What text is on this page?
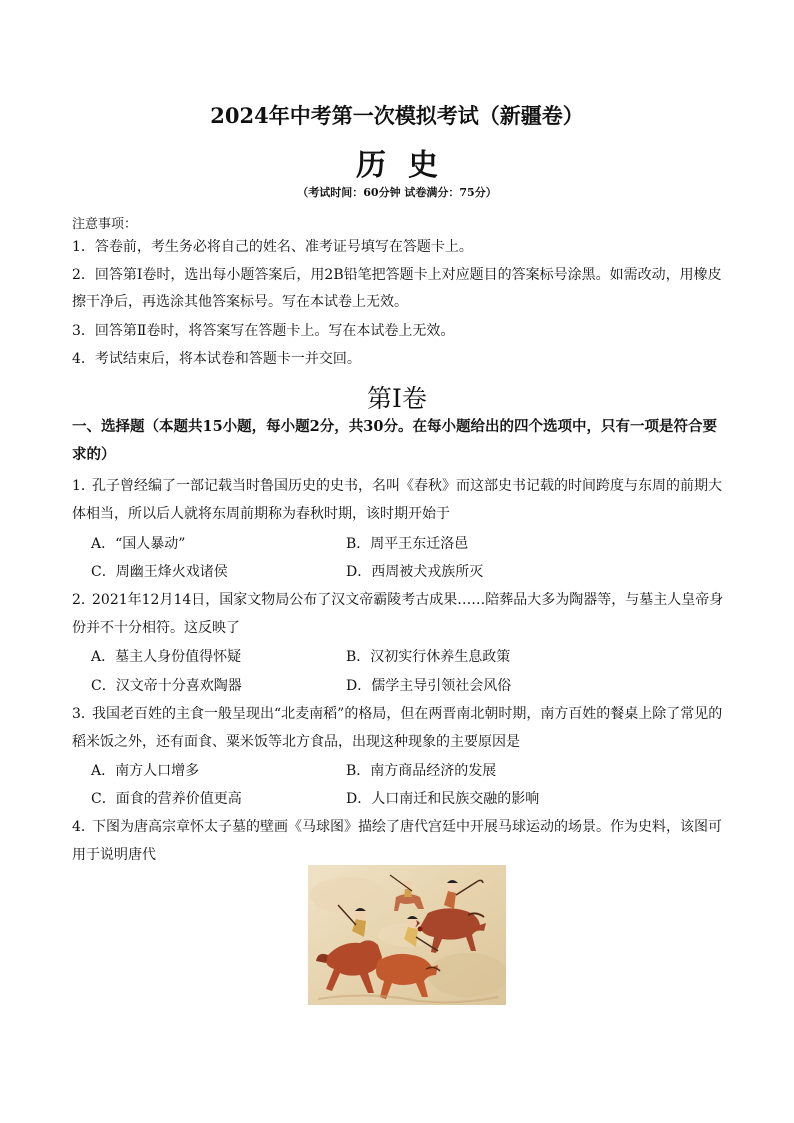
2024年中考第一次模拟考试（新疆卷）
历史
（考试时间：60分钟 试卷满分：75分）
注意事项：
1．答卷前，考生务必将自己的姓名、准考证号填写在答题卡上。
2．回答第Ⅰ卷时，选出每小题答案后，用2B铅笔把答题卡上对应题目的答案标号涂黑。如需改动，用橡皮擦干净后，再选涂其他答案标号。写在本试卷上无效。
3．回答第Ⅱ卷时，将答案写在答题卡上。写在本试卷上无效。
4．考试结束后，将本试卷和答题卡一并交回。
第Ⅰ卷
一、选择题（本题共15小题，每小题2分，共30分。在每小题给出的四个选项中，只有一项是符合要求的）
1．孔子曾经编了一部记载当时鲁国历史的史书，名叫《春秋》而这部史书记载的时间跨度与东周的前期大体相当，所以后人就将东周前期称为春秋时期，该时期开始于
A．“国人暴动”	B．周平王东迁洛邑
C．周幽王烽火戏诸侯	D．西周被犬戎族所灭
2．2021年12月14日，国家文物局公布了汉文帝霸陵考古成果……陪葬品大多为陶器等，与墓主人皇帝身份并不十分相符。这反映了
A．墓主人身份值得怀疑	B．汉初实行休养生息政策
C．汉文帝十分喜欢陶器	D．儒学主导引领社会风俗
3．我国老百姓的主食一般呈现出“北麦南稻”的格局，但在两晋南北朝时期，南方百姓的餐桌上除了常见的稻米饭之外，还有面食、粟米饭等北方食品，出现这种现象的主要原因是
A．南方人口增多	B．南方商品经济的发展
C．面食的营养价值更高	D．人口南迁和民族交融的影响
4．下图为唐高宗章怀太子墓的壁画《马球图》描绘了唐代宫廷中开展马球运动的场景。作为史料，该图可用于说明唐代
